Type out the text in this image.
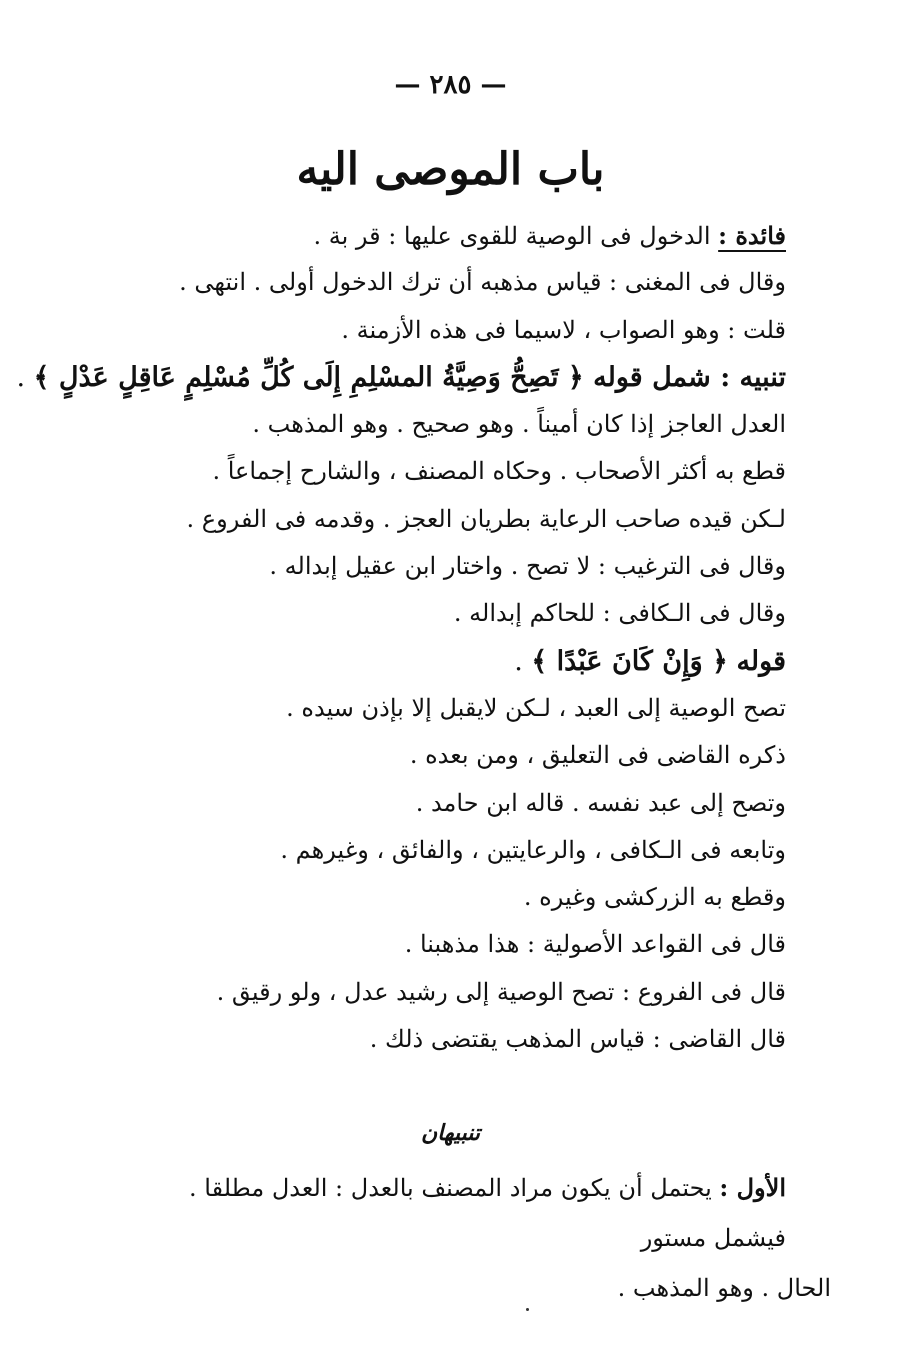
— ٢٨٥ —
باب الموصى اليه
فائدة : الدخول فى الوصية للقوى عليها : قر بة .
وقال فى المغنى : قياس مذهبه أن ترك الدخول أولى . انتهى .
قلت : وهو الصواب ، لاسيما فى هذه الأزمنة .
تنبيه : شمل قوله ﴿ تَصِحُّ وَصِيَّةُ المسْلِمِ إِلَى كُلِّ مُسْلِمٍ عَاقِلٍ عَدْلٍ ﴾ .
العدل العاجز إذا كان أميناً . وهو صحيح . وهو المذهب .
قطع به أكثر الأصحاب . وحكاه المصنف ، والشارح إجماعاً .
لـكن قيده صاحب الرعاية بطريان العجز . وقدمه فى الفروع .
وقال فى الترغيب : لا تصح . واختار ابن عقيل إبداله .
وقال فى الـكافى : للحاكم إبداله .
قوله ﴿ وَإِنْ كَانَ عَبْدًا ﴾ .
تصح الوصية إلى العبد ، لـكن لايقبل إلا بإذن سيده .
ذكره القاضى فى التعليق ، ومن بعده .
وتصح إلى عبد نفسه . قاله ابن حامد .
وتابعه فى الـكافى ، والرعايتين ، والفائق ، وغيرهم .
وقطع به الزركشى وغيره .
قال فى القواعد الأصولية : هذا مذهبنا .
قال فى الفروع : تصح الوصية إلى رشيد عدل ، ولو رقيق .
قال القاضى : قياس المذهب يقتضى ذلك .
تنبيهان
الأول : يحتمل أن يكون مراد المصنف بالعدل : العدل مطلقا . فيشمل مستور
الحال . وهو المذهب .
